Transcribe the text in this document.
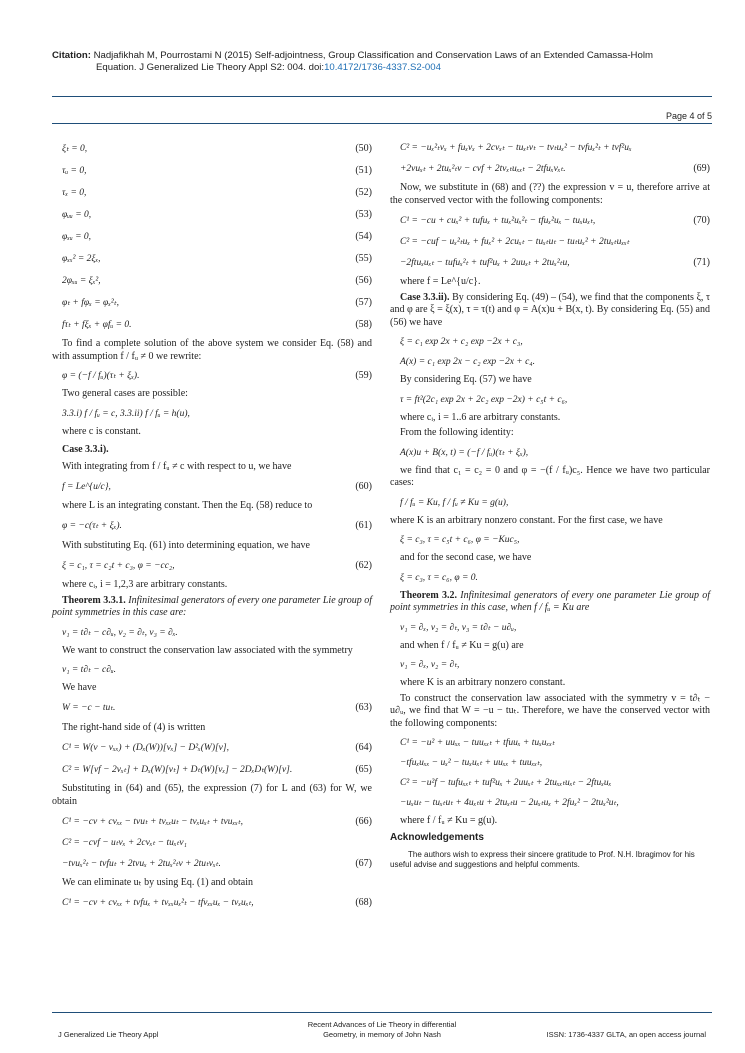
Citation: Nadjafikhah M, Pourrostami N (2015) Self-adjointness, Group Classification and Conservation Laws of an Extended Camassa-Holm
Equation. J Generalized Lie Theory Appl S2: 004. doi:10.4172/1736-4337.S2-004
Page 4 of 5
ξₜ = 0,	(50)
τᵤ = 0,	(51)
τₓ = 0,	(52)
φᵤᵤ = 0,	(53)
φₓᵤ = 0,	(54)
φₓₓ² = 2ξₓ,	(55)
2φₓᵤ = ξₓ²,	(56)
φₜ + fφₓ = φₓ²ₜ,	(57)
fτₜ + fξₓ + φfᵤ = 0.	(58)
To find a complete solution of the above system we consider Eq. (58) and with assumption f / fᵤ ≠ 0 we rewrite:
φ = (−f / fᵤ)(τₜ + ξₓ).	(59)
Two general cases are possible:
3.3.i) f / fᵤ = c, 3.3.ii) f / fᵤ = h(u),
where c is constant.
Case 3.3.i).
With integrating from f / fᵤ ≠ c with respect to u, we have
f = Le^{u/c},	(60)
where L is an integrating constant. Then the Eq. (58) reduce to
φ = −c(τₜ + ξₓ).	(61)
With substituting Eq. (61) into determining equation, we have
ξ = c₁, τ = c₂t + c₃, φ = −cc₂,	(62)
where cᵢ, i = 1,2,3 are arbitrary constants.
Theorem 3.3.1. Infinitesimal generators of every one parameter Lie group of point symmetries in this case are:
v₁ = t∂ₜ − c∂ᵤ, v₂ = ∂ₜ, v₃ = ∂ₓ.
We want to construct the conservation law associated with the symmetry
v₁ = t∂ₜ − c∂ᵤ.
We have
W = −c − tuₜ.	(63)
The right-hand side of (4) is written
C¹ = W(v − vₓₓ) + (Dₓ(W))[vₓ] − D²ₓ(W)[v],	(64)
C² = W[vf − 2vₓₜ] + Dₓ(W)[vₜ] + Dₜ(W)[vₓ] − 2DₓDₜ(W)[v].	(65)
Substituting in (64) and (65), the expression (7) for L and (63) for W, we obtain
C¹ = −cv + cvₓₓ − tvuₜ + tvₓₓuₜ − tvₓuₓₜ + tvuₓₓₜ,	(66)
C² = −cvf − uₜvₓ + 2cvₓₜ − tuₓₜv₁
−tvuₓ²ₜ − tvfuₜ + 2tvuₓ + 2tuₓ²ₜv + 2tuₜvₓₜ.	(67)
We can eliminate uₜ by using Eq. (1) and obtain
C¹ = −cv + cvₓₓ + tvfuₓ + tvₓₓuₓ²ₜ − tfvₓₓuₓ − tvₓuₓₜ,	(68)
C² = −uₓ²ₜvₓ + fuₓvₓ + 2cvₓₜ − tuₓₜvₜ − tvₜuₓ² − tvfuₓ²ₜ + tvf²uₓ
+2vuₓₜ + 2tuₓ²ₜv − cvf + 2tvₓₜuₓₓₜ − 2tfuₓvₓₜ.	(69)
Now, we substitute in (68) and (??) the expression v = u, therefore arrive at the conserved vector with the following components:
C¹ = −cu + cuₓ² + tufuₓ + tuₓ²uₓ²ₜ − tfuₓ²uₓ − tuₓuₓₜ,	(70)
C² = −cuf − uₓ²ₜuₓ + fuₓ² + 2cuₓₜ − tuₓₜuₜ − tuₜuₓ² + 2tuₓₜuₓₓₜ
−2ftuₓuₓₜ − tufuₓ²ₜ + tuf²uₓ + 2uuₓₜ + 2tuₓ²ₜu,	(71)
where f = Le^{u/c}.
Case 3.3.ii). By considering Eq. (49) – (54), we find that the components ξ, τ and φ are ξ = ξ(x), τ = τ(t) and φ = A(x)u + B(x, t). By considering Eq. (55) and (56) we have
ξ = c₁ exp 2x + c₂ exp −2x + c₃,
A(x) = c₁ exp 2x − c₂ exp −2x + c₄.
By considering Eq. (57) we have
τ = ft²(2c₁ exp 2x + 2c₂ exp −2x) + c₅t + c₆,
where cᵢ, i = 1..6 are arbitrary constants.
From the following identity:
A(x)u + B(x, t) = (−f / fᵤ)(τₜ + ξₓ),
we find that c₁ = c₂ = 0 and φ = −(f / fᵤ)c₅. Hence we have two particular cases:
f / fᵤ = Ku, f / fᵤ ≠ Ku = g(u),
where K is an arbitrary nonzero constant. For the first case, we have
ξ = c₃, τ = c₅t + c₆, φ = −Kuc₅,
and for the second case, we have
ξ = c₃, τ = c₆, φ = 0.
Theorem 3.2. Infinitesimal generators of every one parameter Lie group of point symmetries in this case, when f / fᵤ = Ku are
v₁ = ∂ₓ, v₂ = ∂ₜ, v₃ = t∂ₜ − u∂ᵤ,
and when f / fᵤ ≠ Ku = g(u) are
v₁ = ∂ₓ, v₂ = ∂ₜ,
where K is an arbitrary nonzero constant.
To construct the conservation law associated with the symmetry v = t∂ₜ − u∂ᵤ, we find that W = −u − tuₜ. Therefore, we have the conserved vector with the following components:
C¹ = −u² + uuₓₓ − tuuₓₓₜ + tfuuₓ + tuₓuₓₓₜ
−tfuₓuₓₓ − uₓ² − tuₓuₓₜ + uuₓₓ + tuuₓₓₜ,
C² = −u²f − tufuₓₓₜ + tuf²uₓ + 2uuₓₜ + 2tuₓₓₜuₓₜ − 2ftuₓuₓ
−uₓuₜ − tuₓₜuₜ + 4uₓₜu + 2tuₓₜu − 2uₓₜuₓ + 2fuₓ² − 2tuₓ²uₜ,
where f / fᵤ ≠ Ku = g(u).
Acknowledgements
The authors wish to express their sincere gratitude to Prof. N.H. Ibragimov for his useful advise and suggestions and helpful comments.
J Generalized Lie Theory Appl
Recent Advances of Lie Theory in differential Geometry, in memory of John Nash	ISSN: 1736-4337 GLTA, an open access journal
